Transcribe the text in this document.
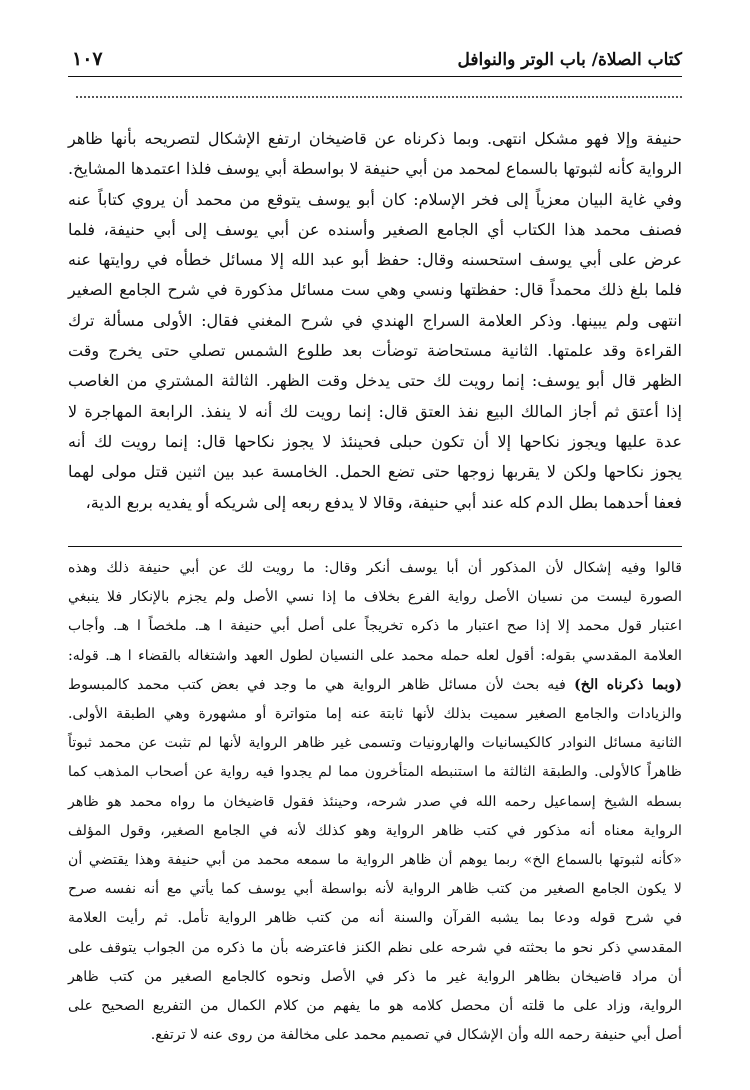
كتاب الصلاة/ باب الوتر والنوافل
١٠٧

حنيفة وإلا فهو مشكل انتهى. وبما ذكرناه عن قاضيخان ارتفع الإشكال لتصريحه بأنها ظاهر

الرواية كأنه لثبوتها بالسماع لمحمد من أبي حنيفة لا بواسطة أبي يوسف فلذا اعتمدها المشايخ.

وفي غاية البيان معزياً إلى فخر الإسلام: كان أبو يوسف يتوقع من محمد أن يروي كتاباً عنه

فصنف محمد هذا الكتاب أي الجامع الصغير وأسنده عن أبي يوسف إلى أبي حنيفة، فلما

عرض على أبي يوسف استحسنه وقال: حفظ أبو عبد الله إلا مسائل خطأه في روايتها عنه

فلما بلغ ذلك محمداً قال: حفظتها ونسي وهي ست مسائل مذكورة في شرح الجامع الصغير

انتهى ولم يبينها. وذكر العلامة السراج الهندي في شرح المغني فقال: الأولى مسألة ترك

القراءة وقد علمتها. الثانية مستحاضة توضأت بعد طلوع الشمس تصلي حتى يخرج وقت

الظهر قال أبو يوسف: إنما رويت لك حتى يدخل وقت الظهر. الثالثة المشتري من الغاصب

إذا أعتق ثم أجاز المالك البيع نفذ العتق قال: إنما رويت لك أنه لا ينفذ. الرابعة المهاجرة لا

عدة عليها ويجوز نكاحها إلا أن تكون حبلى فحينئذ لا يجوز نكاحها قال: إنما رويت لك أنه

يجوز نكاحها ولكن لا يقربها زوجها حتى تضع الحمل. الخامسة عبد بين اثنين قتل مولى لهما

فعفا أحدهما بطل الدم كله عند أبي حنيفة، وقالا لا يدفع ربعه إلى شريكه أو يفديه بربع الدية،

قالوا وفيه إشكال لأن المذكور أن أبا يوسف أنكر وقال: ما رويت لك عن أبي حنيفة ذلك وهذه

الصورة ليست من نسيان الأصل رواية الفرع بخلاف ما إذا نسي الأصل ولم يجزم بالإنكار فلا ينبغي

اعتبار قول محمد إلا إذا صح اعتبار ما ذكره تخريجاً على أصل أبي حنيفة ا هـ. ملخصاً ا هـ. وأجاب

العلامة المقدسي بقوله: أقول لعله حمله محمد على النسيان لطول العهد واشتغاله بالقضاء ا هـ. قوله:

(وبما ذكرناه الخ) فيه بحث لأن مسائل ظاهر الرواية هي ما وجد في بعض كتب محمد كالمبسوط

والزيادات والجامع الصغير سميت بذلك لأنها ثابتة عنه إما متواترة أو مشهورة وهي الطبقة الأولى.

الثانية مسائل النوادر كالكيسانيات والهارونيات وتسمى غير ظاهر الرواية لأنها لم تثبت عن محمد ثبوتاً

ظاهراً كالأولى. والطبقة الثالثة ما استنبطه المتأخرون مما لم يجدوا فيه رواية عن أصحاب المذهب كما

بسطه الشيخ إسماعيل رحمه الله في صدر شرحه، وحينئذ فقول قاضيخان ما رواه محمد هو ظاهر

الرواية معناه أنه مذكور في كتب ظاهر الرواية وهو كذلك لأنه في الجامع الصغير، وقول المؤلف

«كأنه لثبوتها بالسماع الخ» ربما يوهم أن ظاهر الرواية ما سمعه محمد من أبي حنيفة وهذا يقتضي أن

لا يكون الجامع الصغير من كتب ظاهر الرواية لأنه بواسطة أبي يوسف كما يأتي مع أنه نفسه صرح

في شرح قوله ودعا بما يشبه القرآن والسنة أنه من كتب ظاهر الرواية تأمل. ثم رأيت العلامة

المقدسي ذكر نحو ما بحثته في شرحه على نظم الكنز فاعترضه بأن ما ذكره من الجواب يتوقف على

أن مراد قاضيخان بظاهر الرواية غير ما ذكر في الأصل ونحوه كالجامع الصغير من كتب ظاهر

الرواية، وزاد على ما قلته أن محصل كلامه هو ما يفهم من كلام الكمال من التفريع الصحيح على

أصل أبي حنيفة رحمه الله وأن الإشكال في تصميم محمد على مخالفة من روى عنه لا ترتفع.
